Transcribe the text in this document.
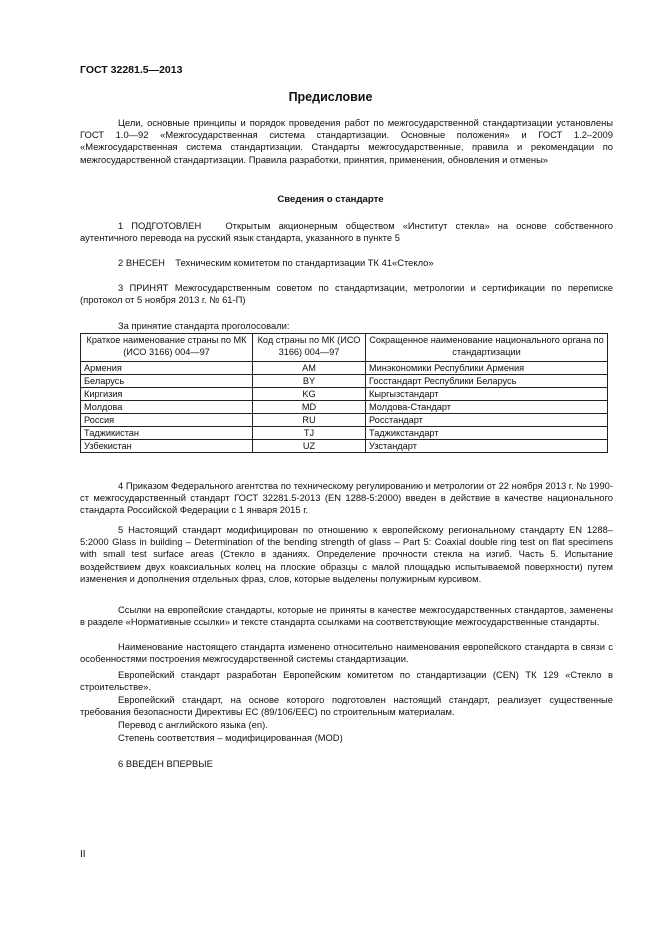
ГОСТ 32281.5—2013
Предисловие

Цели, основные принципы и порядок проведения работ по межгосударственной стандартизации установлены ГОСТ 1.0—92 «Межгосударственная система стандартизации. Основные положения» и ГОСТ 1.2–2009 «Межгосударственная система стандартизации. Стандарты межгосударственные, правила и рекомендации по межгосударственной стандартизации. Правила разработки, принятия, применения, обновления и отмены»

Сведения о стандарте

1 ПОДГОТОВЛЕН   Открытым акционерным обществом «Институт стекла» на основе собственного аутентичного перевода на русский язык стандарта, указанного в пункте 5

2 ВНЕСЕН    Техническим комитетом по стандартизации ТК 41«Стекло»

3 ПРИНЯТ Межгосударственным советом по стандартизации, метрологии и сертификации по переписке (протокол от 5 ноября 2013 г. № 61-П)

За принятие стандарта проголосовали:

Краткое наименование страны по МК (ИСО 3166) 004—97	Код страны по МК (ИСО 3166) 004—97	Сокращенное наименование национального органа по стандартизации
Армения	AM	Минэкономики Республики Армения
Беларусь	BY	Госстандарт Республики Беларусь
Киргизия	KG	Кыргызстандарт
Молдова	MD	Молдова-Стандарт
Россия	RU	Росстандарт
Таджикистан	TJ	Таджикстандарт
Узбекистан	UZ	Узстандарт

4 Приказом Федерального агентства по техническому регулированию и метрологии от 22 ноября 2013 г. № 1990-ст межгосударственный стандарт ГОСТ 32281.5-2013 (EN 1288-5:2000) введен в действие в качестве национального стандарта Российской Федерации с 1 января 2015 г.

5 Настоящий стандарт модифицирован по отношению к европейскому региональному стандарту EN 1288–5:2000 Glass in building – Determination of the bending strength of glass – Part 5: Coaxial double ring test on flat specimens with small test surface areas (Стекло в зданиях. Определение прочности стекла на изгиб. Часть 5. Испытание воздействием двух коаксиальных колец на плоские образцы с малой площадью испытываемой поверхности) путем изменения и дополнения отдельных фраз, слов, которые выделены полужирным курсивом.

Ссылки на европейские стандарты, которые не приняты в качестве межгосударственных стандартов, заменены в разделе «Нормативные ссылки» и тексте стандарта ссылками на соответствующие межгосударственные стандарты.

Наименование настоящего стандарта изменено относительно наименования европейского стандарта в связи с особенностями построения межгосударственной системы стандартизации.

Европейский стандарт разработан Европейским комитетом по стандартизации (CEN) ТК 129 «Стекло в строительстве».

Европейский стандарт, на основе которого подготовлен настоящий стандарт, реализует существенные требования безопасности Директивы ЕС (89/106/EEC) по строительным материалам.

Перевод с английского языка (en).

Степень соответствия – модифицированная (MOD)

6 ВВЕДЕН ВПЕРВЫЕ

II
